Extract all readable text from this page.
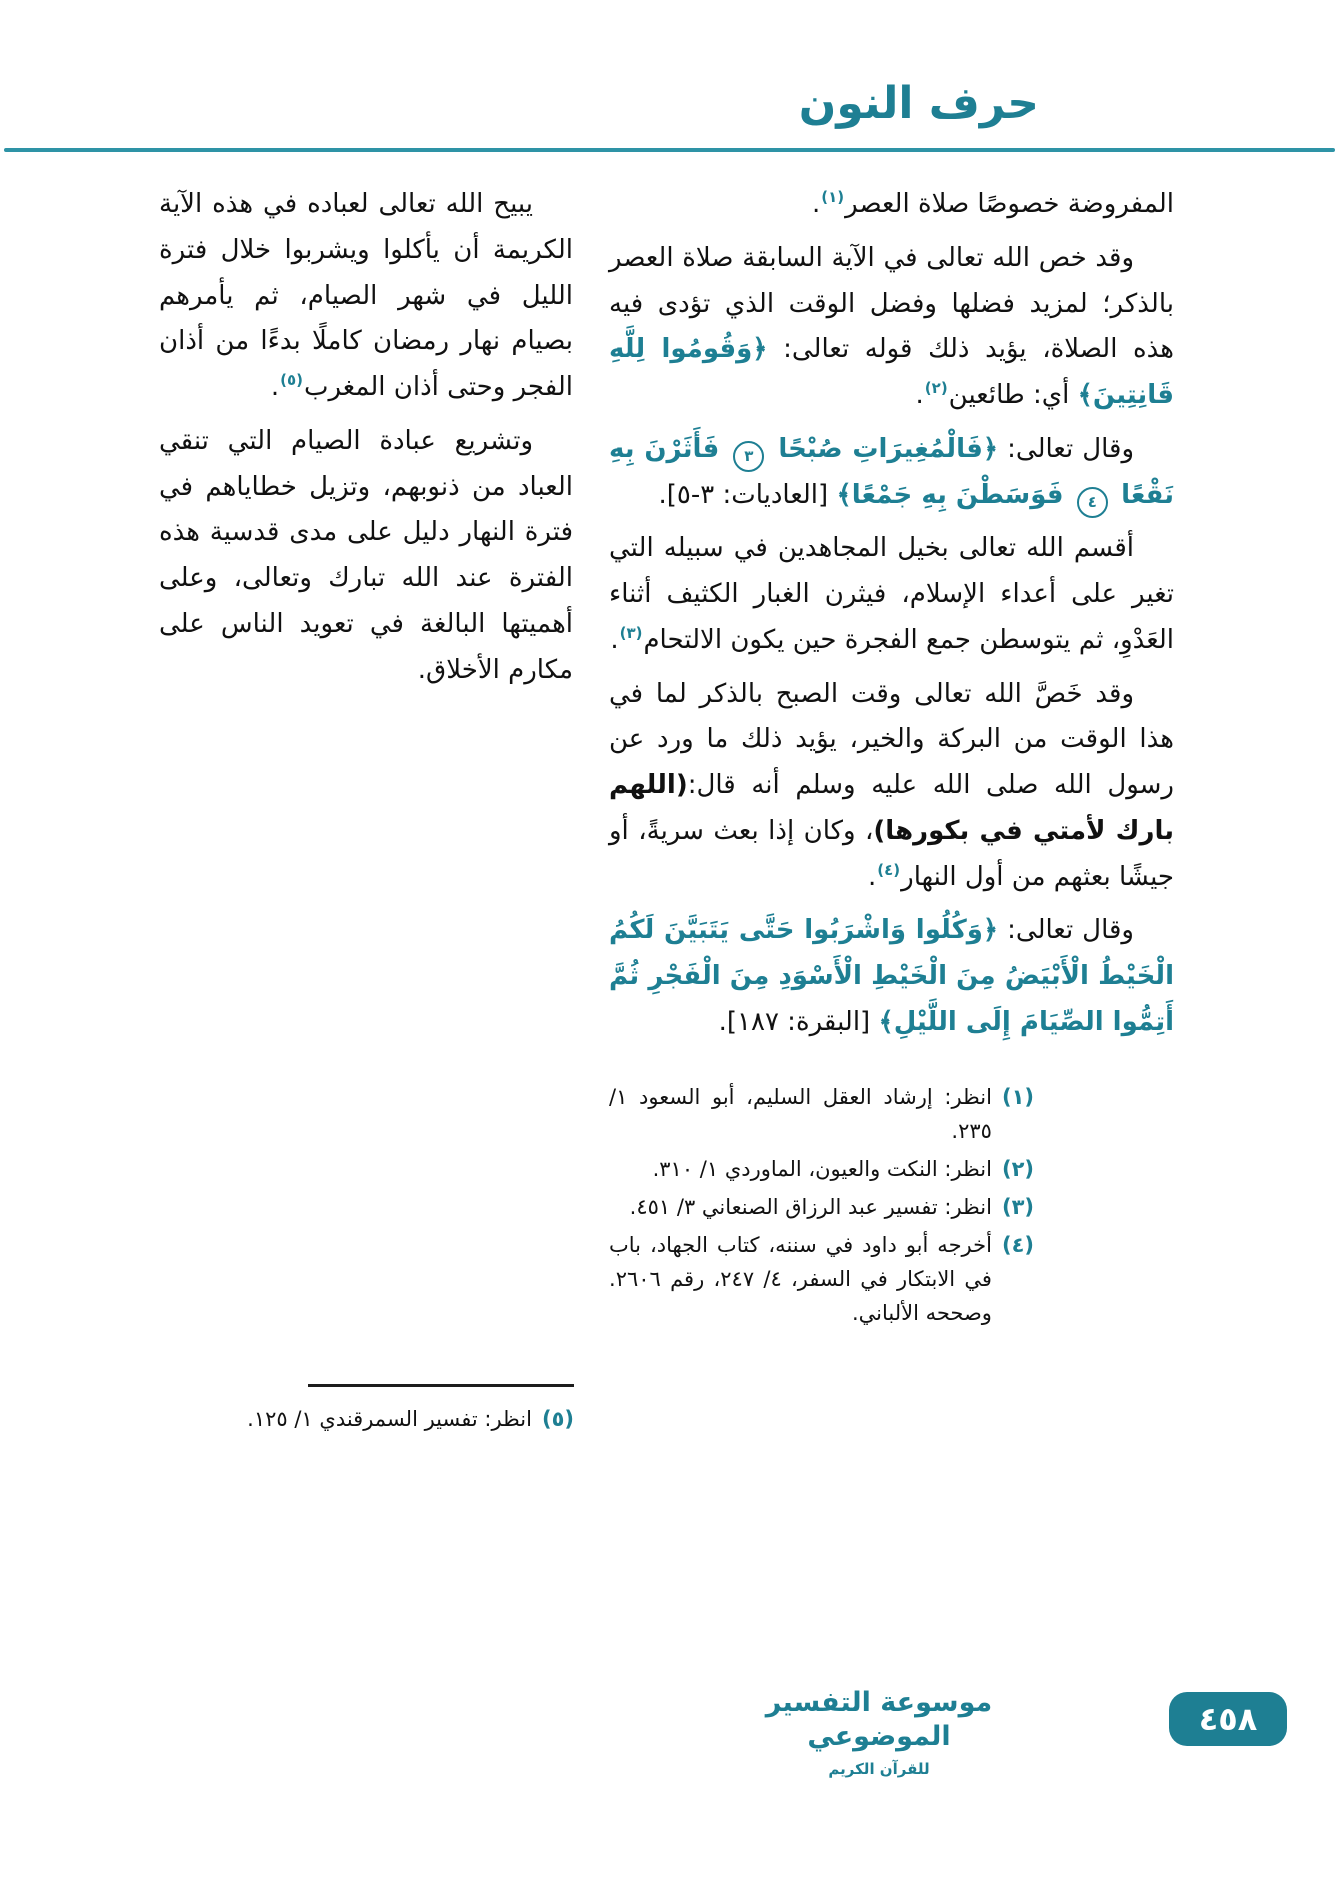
حرف النون

المفروضة خصوصًا صلاة العصر$^{(١)}$.

وقد خص الله تعالى في الآية السابقة صلاة العصر بالذكر؛ لمزيد فضلها وفضل الوقت الذي تؤدى فيه هذه الصلاة، يؤيد ذلك قوله تعالى: ﴿وَقُومُوا لِلَّهِ قَانِتِينَ﴾ أي: طائعين$^{(٢)}$.

وقال تعالى: ﴿فَالْمُغِيرَاتِ صُبْحًا ٣ فَأَثَرْنَ بِهِ نَقْعًا ٤ فَوَسَطْنَ بِهِ جَمْعًا﴾ [العاديات: ٣-٥].

أقسم الله تعالى بخيل المجاهدين في سبيله التي تغير على أعداء الإسلام، فيثرن الغبار الكثيف أثناء العَدْوِ، ثم يتوسطن جمع الفجرة حين يكون الالتحام$^{(٣)}$.

وقد خَصَّ الله تعالى وقت الصبح بالذكر لما في هذا الوقت من البركة والخير، يؤيد ذلك ما ورد عن رسول الله صلى الله عليه وسلم أنه قال:(اللهم بارك لأمتي في بكورها)، وكان إذا بعث سريةً، أو جيشًا بعثهم من أول النهار$^{(٤)}$.

وقال تعالى: ﴿وَكُلُوا وَاشْرَبُوا حَتَّى يَتَبَيَّنَ لَكُمُ الْخَيْطُ الْأَبْيَضُ مِنَ الْخَيْطِ الْأَسْوَدِ مِنَ الْفَجْرِ ثُمَّ أَتِمُّوا الصِّيَامَ إِلَى اللَّيْلِ﴾ [البقرة: ١٨٧].

(١)
انظر: إرشاد العقل السليم، أبو السعود ١/ ٢٣٥.
(٢)
انظر: النكت والعيون، الماوردي ١/ ٣١٠.
(٣)
انظر: تفسير عبد الرزاق الصنعاني ٣/ ٤٥١.
(٤)
أخرجه أبو داود في سننه، كتاب الجهاد، باب في الابتكار في السفر، ٤/ ٢٤٧، رقم ٢٦٠٦. وصححه الألباني.

يبيح الله تعالى لعباده في هذه الآية الكريمة أن يأكلوا ويشربوا خلال فترة الليل في شهر الصيام، ثم يأمرهم بصيام نهار رمضان كاملًا بدءًا من أذان الفجر وحتى أذان المغرب$^{(٥)}$.

وتشريع عبادة الصيام التي تنقي العباد من ذنوبهم، وتزيل خطاياهم في فترة النهار دليل على مدى قدسية هذه الفترة عند الله تبارك وتعالى، وعلى أهميتها البالغة في تعويد الناس على مكارم الأخلاق.

(٥)
انظر: تفسير السمرقندي ١/ ١٢٥.
موسوعة التفسير الموضوعي
للقرآن الكريم
٤٥٨
